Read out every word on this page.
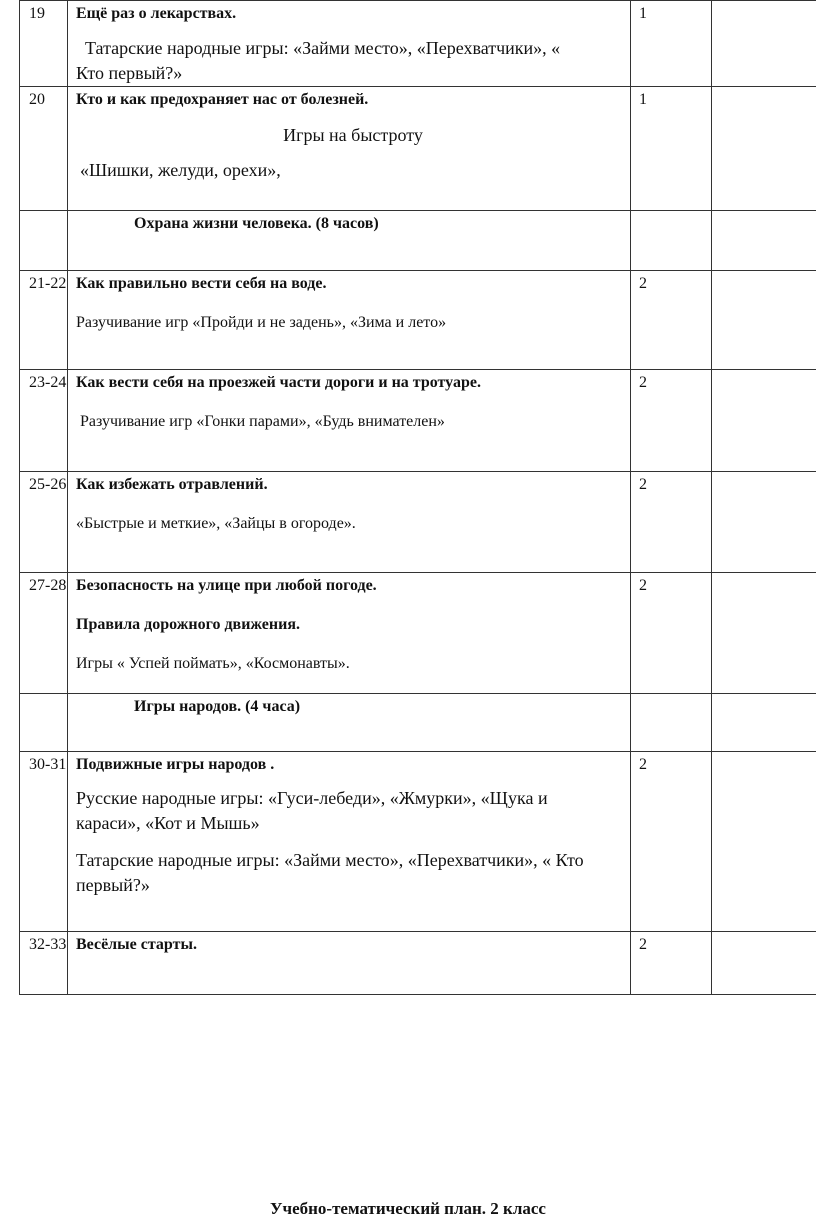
19	Ещё раз о лекарствах.
Татарские народные игры: «Займи место», «Перехватчики», «
Кто первый?»	1	
20	Кто и как предохраняет нас от болезней.
Игры на быстроту
«Шишки, желуди, орехи»,	1	

	Охрана жизни человека. (8 часов)		

21-22	Как правильно вести себя на воде.
Разучивание игр «Пройди и не задень», «Зима и лето»	2	
23-24	Как вести себя на проезжей части дороги и на тротуаре.
Разучивание игр «Гонки парами», «Будь внимателен»	2	
25-26	Как избежать отравлений.
«Быстрые и меткие», «Зайцы в огороде».	2	
27-28	Безопасность на улице при любой погоде.
Правила дорожного движения.
Игры « Успей поймать», «Космонавты».	2	

	Игры народов. (4 часа)		

30-31	Подвижные игры народов .
Русские народные игры: «Гуси-лебеди», «Жмурки», «Щука и караси», «Кот и Мышь»
Татарские народные игры: «Займи место», «Перехватчики», « Кто первый?»	2	
32-33	Весёлые старты.	2	
Учебно-тематический план. 2 класс
